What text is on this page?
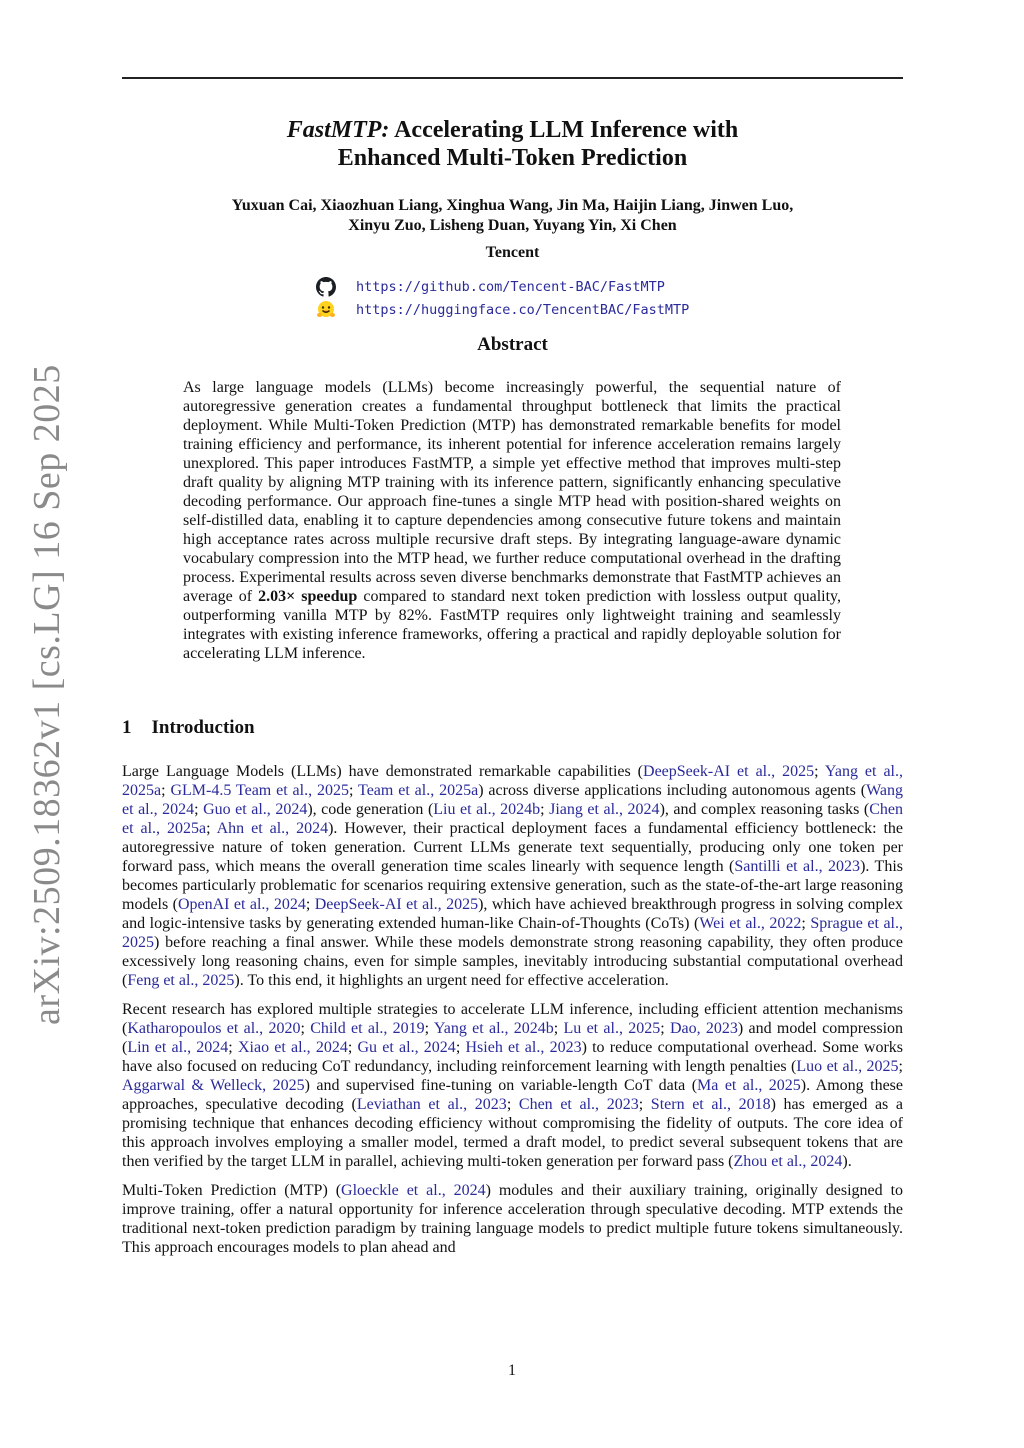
arXiv:2509.18362v1 [cs.LG] 16 Sep 2025
FastMTP: Accelerating LLM Inference with
Enhanced Multi-Token Prediction
Yuxuan Cai, Xiaozhuan Liang, Xinghua Wang, Jin Ma, Haijin Liang, Jinwen Luo,
Xinyu Zuo, Lisheng Duan, Yuyang Yin, Xi Chen
Tencent
https://github.com/Tencent-BAC/FastMTP
https://huggingface.co/TencentBAC/FastMTP
Abstract

As large language models (LLMs) become increasingly powerful, the sequential nature of autoregressive generation creates a fundamental throughput bottleneck that limits the practical deployment. While Multi-Token Prediction (MTP) has demonstrated remarkable benefits for model training efficiency and performance, its inherent potential for inference acceleration remains largely unexplored. This paper introduces FastMTP, a simple yet effective method that improves multi-step draft quality by aligning MTP training with its inference pattern, significantly enhancing speculative decoding performance. Our approach fine-tunes a single MTP head with position-shared weights on self-distilled data, enabling it to capture dependencies among consecutive future tokens and maintain high acceptance rates across multiple recursive draft steps. By integrating language-aware dynamic vocabulary compression into the MTP head, we further reduce computational overhead in the drafting process. Experimental results across seven diverse benchmarks demonstrate that FastMTP achieves an average of 2.03× speedup compared to standard next token prediction with lossless output quality, outperforming vanilla MTP by 82%. FastMTP requires only lightweight training and seamlessly integrates with existing inference frameworks, offering a practical and rapidly deployable solution for accelerating LLM inference.

1 Introduction

Large Language Models (LLMs) have demonstrated remarkable capabilities (DeepSeek-AI et al., 2025; Yang et al., 2025a; GLM-4.5 Team et al., 2025; Team et al., 2025a) across diverse applications including autonomous agents (Wang et al., 2024; Guo et al., 2024), code generation (Liu et al., 2024b; Jiang et al., 2024), and complex reasoning tasks (Chen et al., 2025a; Ahn et al., 2024). However, their practical deployment faces a fundamental efficiency bottleneck: the autoregressive nature of token generation. Current LLMs generate text sequentially, producing only one token per forward pass, which means the overall generation time scales linearly with sequence length (Santilli et al., 2023). This becomes particularly problematic for scenarios requiring extensive generation, such as the state-of-the-art large reasoning models (OpenAI et al., 2024; DeepSeek-AI et al., 2025), which have achieved breakthrough progress in solving complex and logic-intensive tasks by generating extended human-like Chain-of-Thoughts (CoTs) (Wei et al., 2022; Sprague et al., 2025) before reaching a final answer. While these models demonstrate strong reasoning capability, they often produce excessively long reasoning chains, even for simple samples, inevitably introducing substantial computational overhead (Feng et al., 2025). To this end, it highlights an urgent need for effective acceleration.

Recent research has explored multiple strategies to accelerate LLM inference, including efficient attention mechanisms (Katharopoulos et al., 2020; Child et al., 2019; Yang et al., 2024b; Lu et al., 2025; Dao, 2023) and model compression (Lin et al., 2024; Xiao et al., 2024; Gu et al., 2024; Hsieh et al., 2023) to reduce computational overhead. Some works have also focused on reducing CoT redundancy, including reinforcement learning with length penalties (Luo et al., 2025; Aggarwal & Welleck, 2025) and supervised fine-tuning on variable-length CoT data (Ma et al., 2025). Among these approaches, speculative decoding (Leviathan et al., 2023; Chen et al., 2023; Stern et al., 2018) has emerged as a promising technique that enhances decoding efficiency without compromising the fidelity of outputs. The core idea of this approach involves employing a smaller model, termed a draft model, to predict several subsequent tokens that are then verified by the target LLM in parallel, achieving multi-token generation per forward pass (Zhou et al., 2024).

Multi-Token Prediction (MTP) (Gloeckle et al., 2024) modules and their auxiliary training, originally designed to improve training, offer a natural opportunity for inference acceleration through speculative decoding. MTP extends the traditional next-token prediction paradigm by training language models to predict multiple future tokens simultaneously. This approach encourages models to plan ahead and

1
